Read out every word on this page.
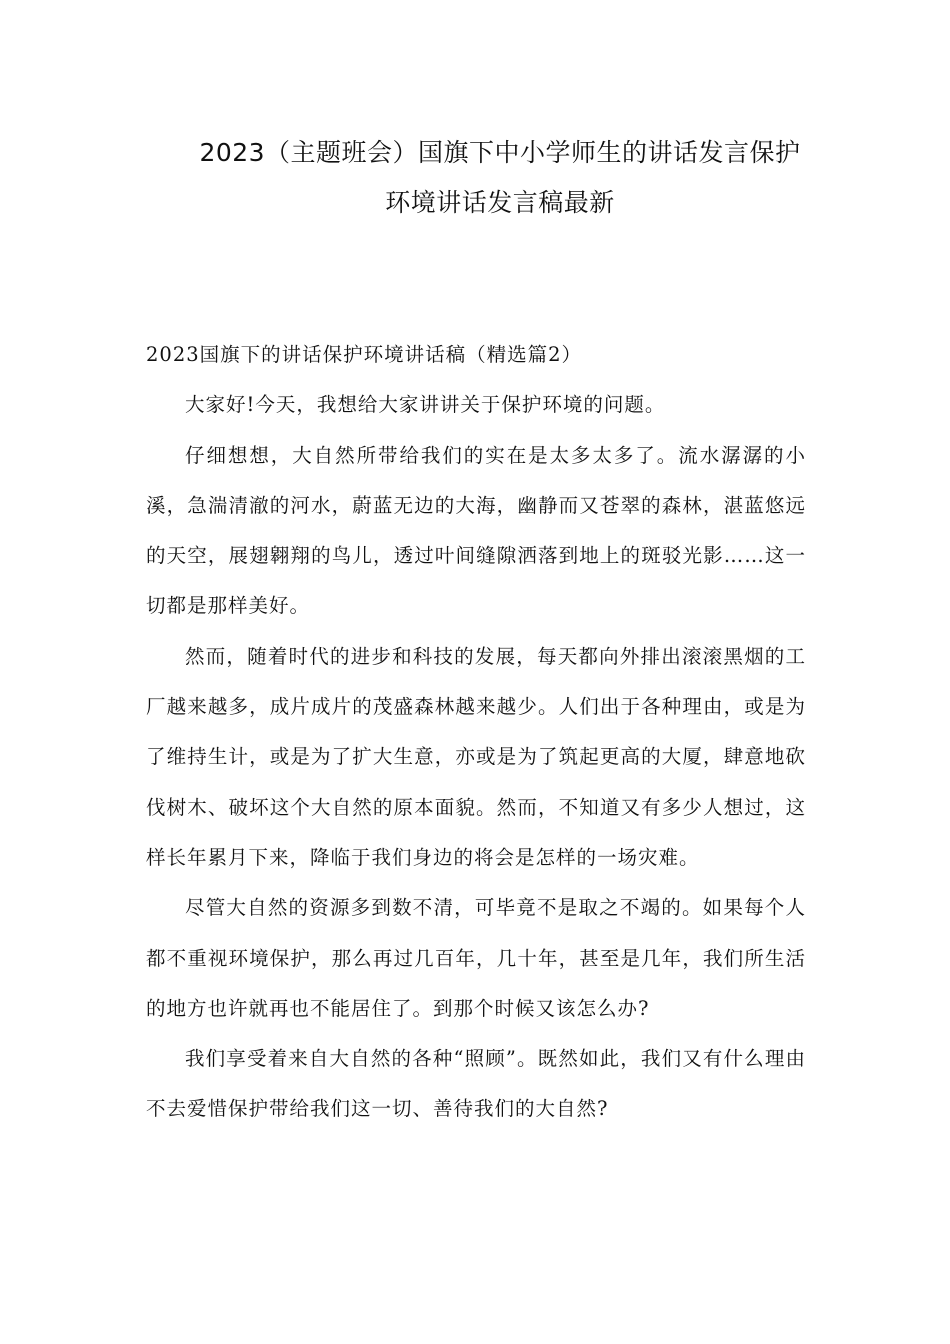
2023（主题班会）国旗下中小学师生的讲话发言保护
环境讲话发言稿最新

2023国旗下的讲话保护环境讲话稿（精选篇2）

大家好!今天，我想给大家讲讲关于保护环境的问题。

仔细想想，大自然所带给我们的实在是太多太多了。流水潺潺的小溪，急湍清澈的河水，蔚蓝无边的大海，幽静而又苍翠的森林，湛蓝悠远的天空，展翅翱翔的鸟儿，透过叶间缝隙洒落到地上的斑驳光影……这一切都是那样美好。

然而，随着时代的进步和科技的发展，每天都向外排出滚滚黑烟的工厂越来越多，成片成片的茂盛森林越来越少。人们出于各种理由，或是为了维持生计，或是为了扩大生意，亦或是为了筑起更高的大厦，肆意地砍伐树木、破坏这个大自然的原本面貌。然而，不知道又有多少人想过，这样长年累月下来，降临于我们身边的将会是怎样的一场灾难。

尽管大自然的资源多到数不清，可毕竟不是取之不竭的。如果每个人都不重视环境保护，那么再过几百年，几十年，甚至是几年，我们所生活的地方也许就再也不能居住了。到那个时候又该怎么办?

我们享受着来自大自然的各种“照顾”。既然如此，我们又有什么理由不去爱惜保护带给我们这一切、善待我们的大自然?
